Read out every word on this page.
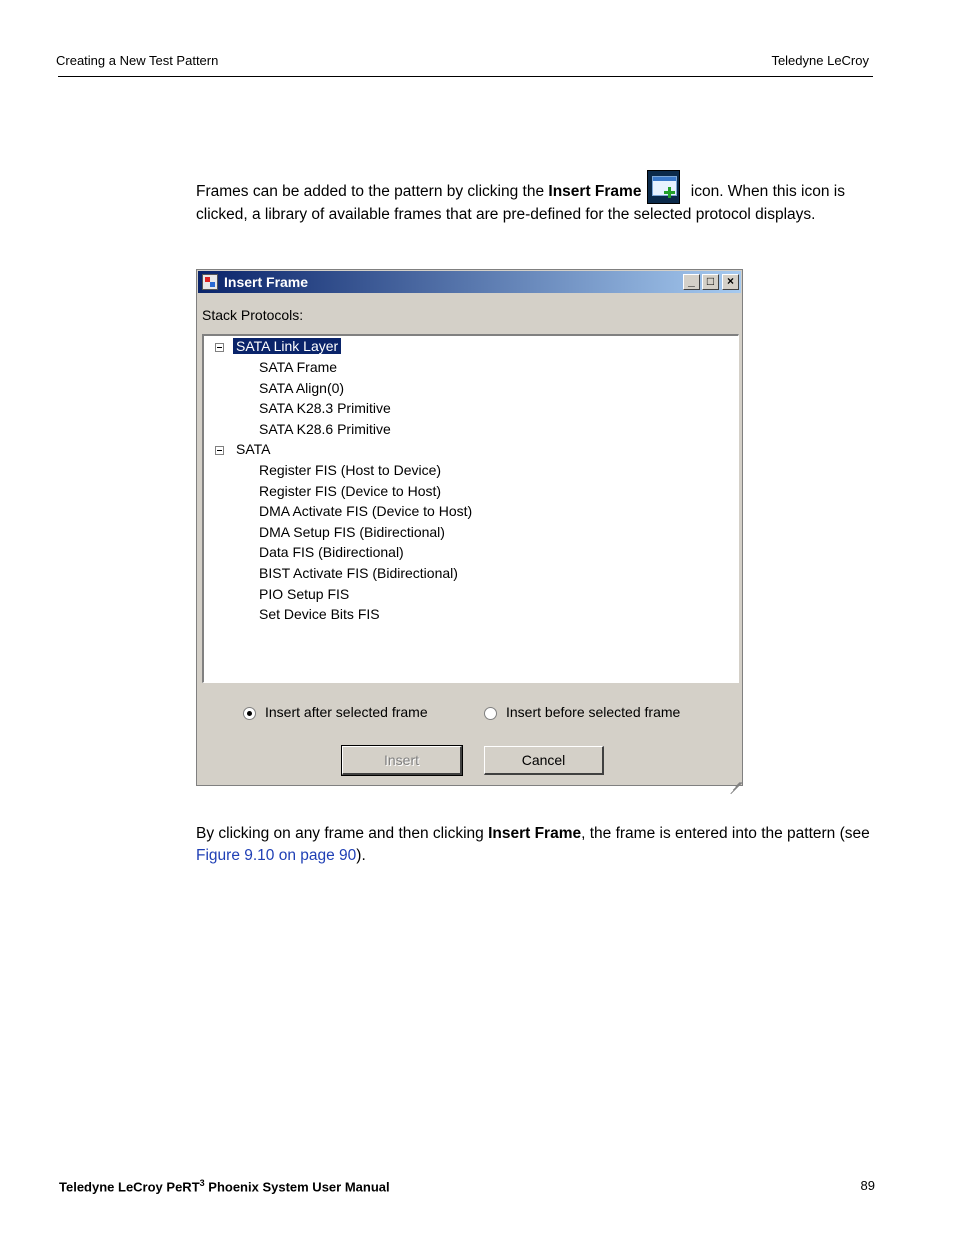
Creating a New Test Pattern	Teledyne LeCroy
Frames can be added to the pattern by clicking the Insert Frame	icon. When this icon is clicked, a library of available frames that are pre-defined for the selected protocol displays.
Insert Frame	_	□	×
Stack Protocols:
SATA Link Layer
SATA Frame
SATA Align(0)
SATA K28.3 Primitive
SATA K28.6 Primitive
SATA
Register FIS (Host to Device)
Register FIS (Device to Host)
DMA Activate FIS (Device to Host)
DMA Setup FIS (Bidirectional)
Data FIS (Bidirectional)
BIST Activate FIS (Bidirectional)
PIO Setup FIS
Set Device Bits FIS
Insert after selected frame	Insert before selected frame
Insert	Cancel
By clicking on any frame and then clicking Insert Frame, the frame is entered into the pattern (see Figure 9.10 on page 90).
Teledyne LeCroy PeRT$^3$ Phoenix System User Manual	89
